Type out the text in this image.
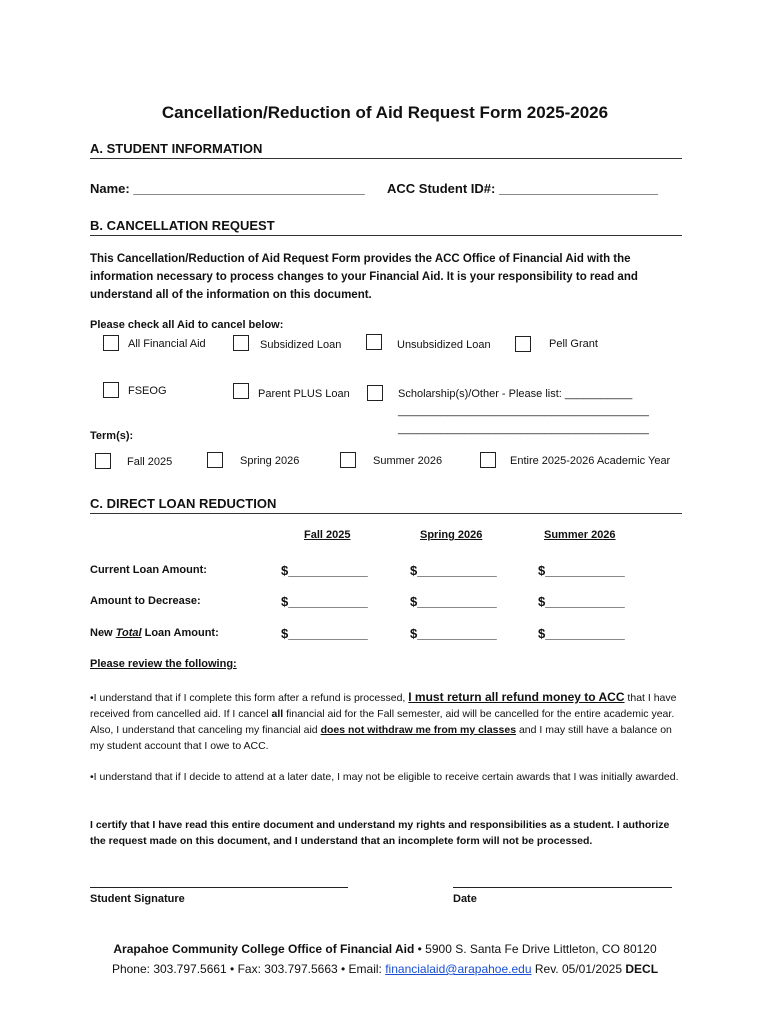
Cancellation/Reduction of Aid Request Form 2025-2026
A. STUDENT INFORMATION
Name: ________________________________ ACC Student ID#: ______________________
B. CANCELLATION REQUEST
This Cancellation/Reduction of Aid Request Form provides the ACC Office of Financial Aid with the information necessary to process changes to your Financial Aid. It is your responsibility to read and understand all of the information on this document.
Please check all Aid to cancel below:
All Financial Aid	Subsidized Loan	Unsubsidized Loan	Pell Grant
FSEOG	Parent PLUS Loan	Scholarship(s)/Other - Please list: ___________
_________________________________________
_________________________________________
Term(s):
Fall 2025	Spring 2026	Summer 2026	Entire 2025-2026 Academic Year
C. DIRECT LOAN REDUCTION
Fall 2025	Spring 2026	Summer 2026
Current Loan Amount:	$___________	$___________	$___________
Amount to Decrease:	$___________	$___________	$___________
New Total Loan Amount:	$___________	$___________	$___________
Please review the following:
•I understand that if I complete this form after a refund is processed, I must return all refund money to ACC that I have received from cancelled aid. If I cancel all financial aid for the Fall semester, aid will be cancelled for the entire academic year. Also, I understand that canceling my financial aid does not withdraw me from my classes and I may still have a balance on my student account that I owe to ACC.
•I understand that if I decide to attend at a later date, I may not be eligible to receive certain awards that I was initially awarded.
I certify that I have read this entire document and understand my rights and responsibilities as a student. I authorize the request made on this document, and I understand that an incomplete form will not be processed.
Student Signature	Date
Arapahoe Community College Office of Financial Aid • 5900 S. Santa Fe Drive Littleton, CO 80120
Phone: 303.797.5661 • Fax: 303.797.5663 • Email: financialaid@arapahoe.edu Rev. 05/01/2025 DECL
